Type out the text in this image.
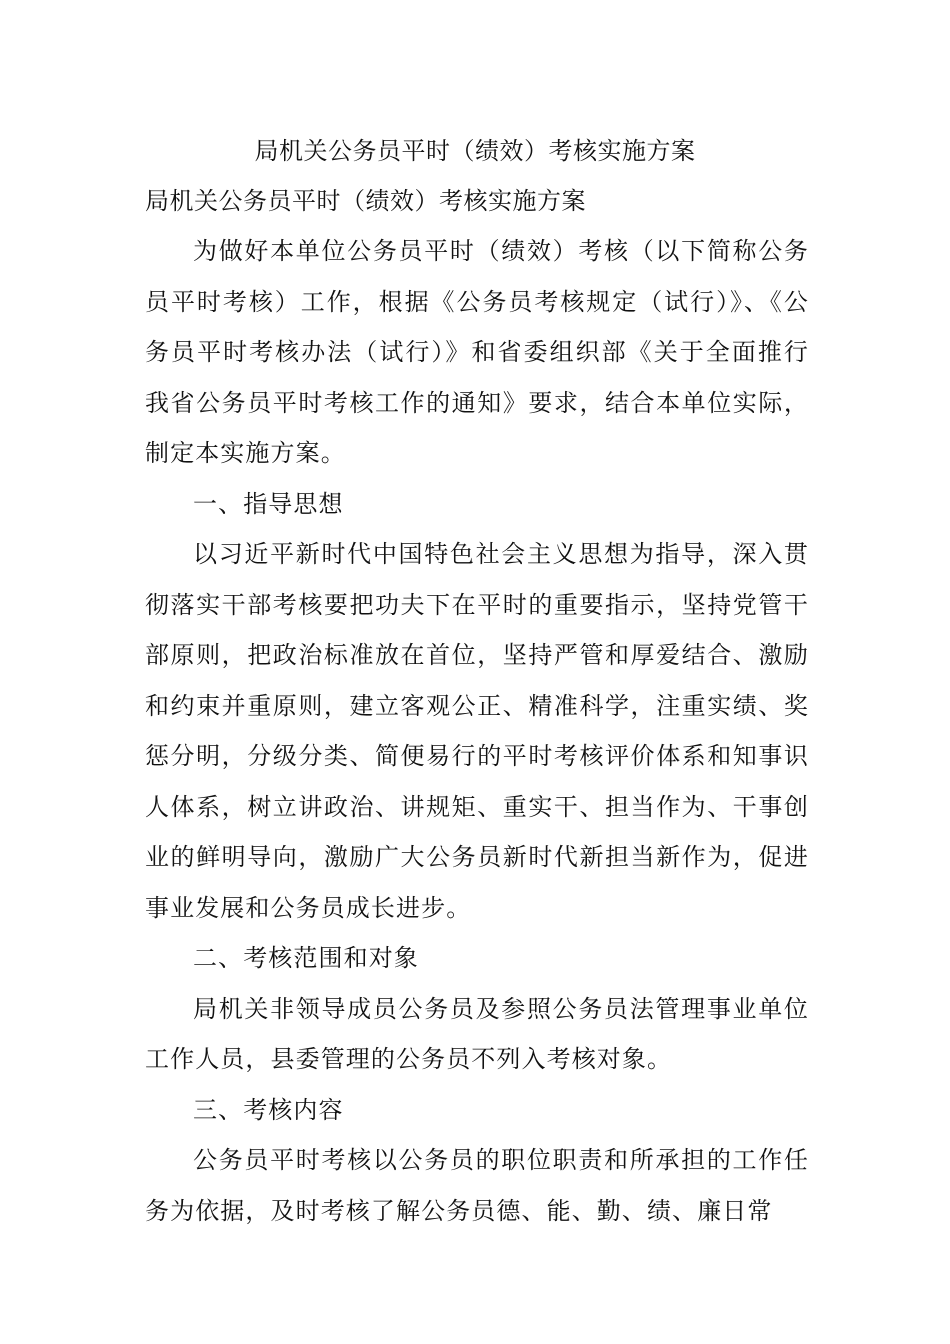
局机关公务员平时（绩效）考核实施方案
局机关公务员平时（绩效）考核实施方案

为做好本单位公务员平时（绩效）考核（以下简称公务员平时考核）工作，根据《公务员考核规定（试行）》、《公务员平时考核办法（试行）》和省委组织部《关于全面推行我省公务员平时考核工作的通知》要求，结合本单位实际，制定本实施方案。

一、指导思想

以习近平新时代中国特色社会主义思想为指导，深入贯彻落实干部考核要把功夫下在平时的重要指示，坚持党管干部原则，把政治标准放在首位，坚持严管和厚爱结合、激励和约束并重原则，建立客观公正、精准科学，注重实绩、奖惩分明，分级分类、简便易行的平时考核评价体系和知事识人体系，树立讲政治、讲规矩、重实干、担当作为、干事创业的鲜明导向，激励广大公务员新时代新担当新作为，促进事业发展和公务员成长进步。

二、考核范围和对象

局机关非领导成员公务员及参照公务员法管理事业单位工作人员，县委管理的公务员不列入考核对象。

三、考核内容

公务员平时考核以公务员的职位职责和所承担的工作任务为依据，及时考核了解公务员德、能、勤、绩、廉日常
